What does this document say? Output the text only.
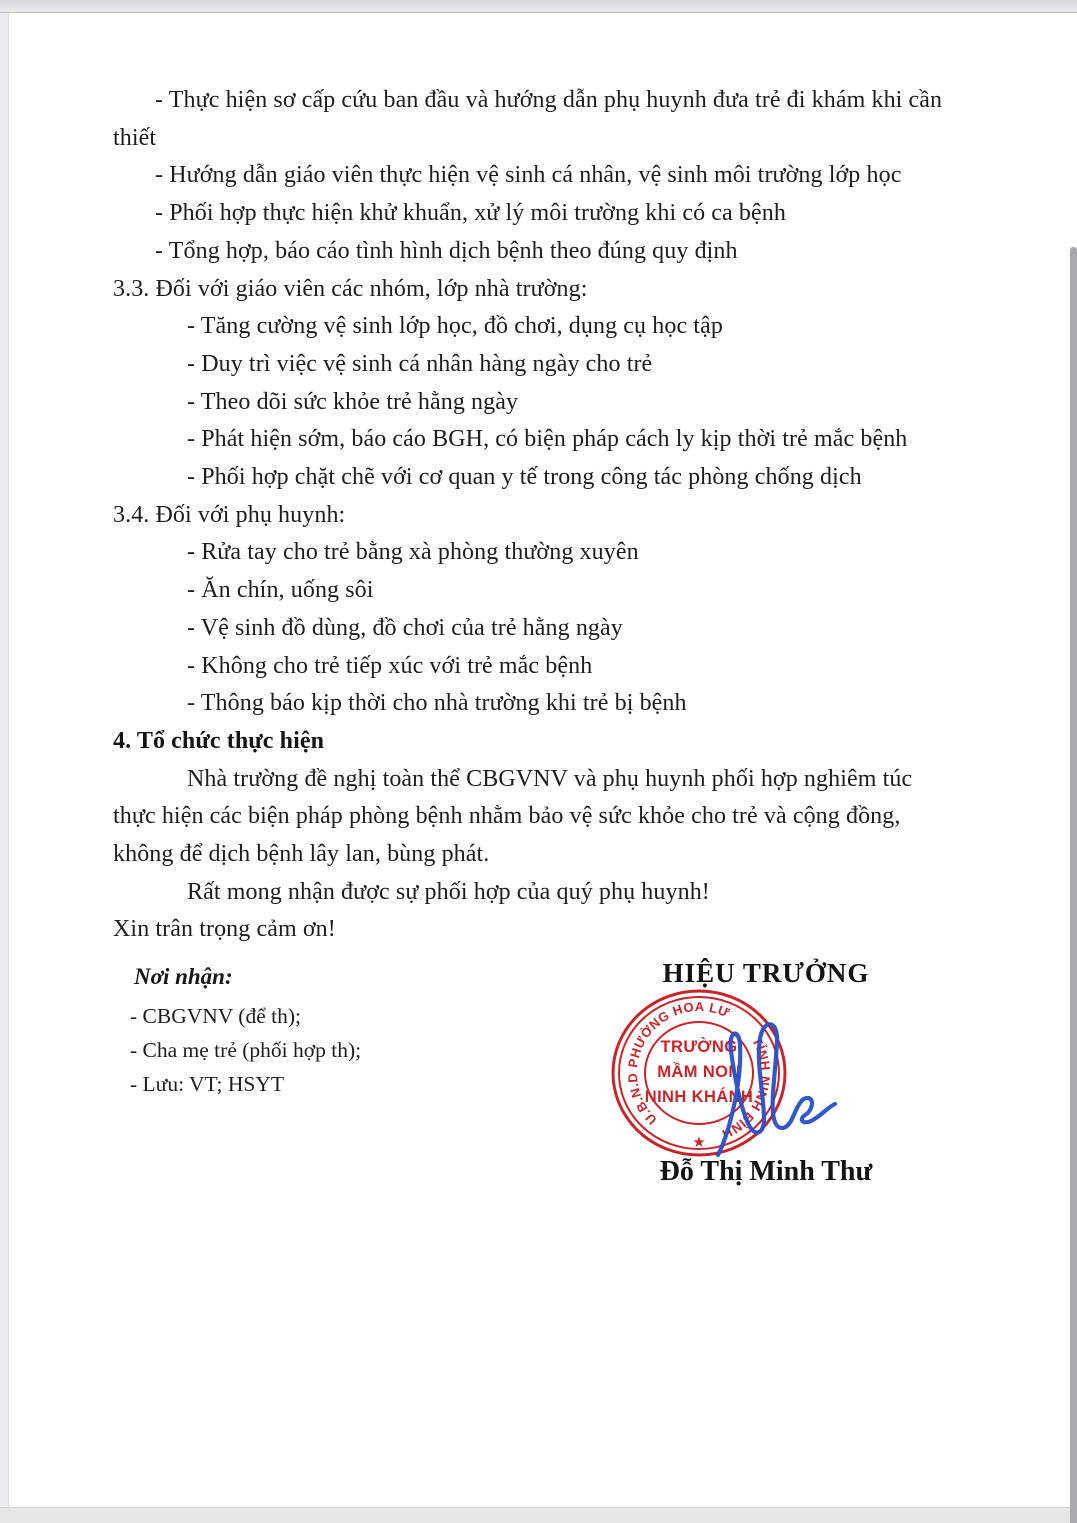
- Thực hiện sơ cấp cứu ban đầu và hướng dẫn phụ huynh đưa trẻ đi khám khi cần

thiết

- Hướng dẫn giáo viên thực hiện vệ sinh cá nhân, vệ sinh môi trường lớp học

- Phối hợp thực hiện khử khuẩn, xử lý môi trường khi có ca bệnh

- Tổng hợp, báo cáo tình hình dịch bệnh theo đúng quy định

3.3. Đối với giáo viên các nhóm, lớp nhà trường:

- Tăng cường vệ sinh lớp học, đồ chơi, dụng cụ học tập

- Duy trì việc vệ sinh cá nhân hàng ngày cho trẻ

- Theo dõi sức khỏe trẻ hằng ngày

- Phát hiện sớm, báo cáo BGH, có biện pháp cách ly kịp thời trẻ mắc bệnh

- Phối hợp chặt chẽ với cơ quan y tế trong công tác phòng chống dịch

3.4. Đối với phụ huynh:

- Rửa tay cho trẻ bằng xà phòng thường xuyên

- Ăn chín, uống sôi

- Vệ sinh đồ dùng, đồ chơi của trẻ hằng ngày

- Không cho trẻ tiếp xúc với trẻ mắc bệnh

- Thông báo kịp thời cho nhà trường khi trẻ bị bệnh

4. Tổ chức thực hiện

Nhà trường đề nghị toàn thể CBGVNV và phụ huynh phối hợp nghiêm túc

thực hiện các biện pháp phòng bệnh nhằm bảo vệ sức khỏe cho trẻ và cộng đồng,

không để dịch bệnh lây lan, bùng phát.

Rất mong nhận được sự phối hợp của quý phụ huynh!

Xin trân trọng cảm ơn!

Nơi nhận:

- CBGVNV (để th);

- Cha mẹ trẻ (phối hợp th);

- Lưu: VT; HSYT

HIỆU TRƯỞNG

U.B.N.D PHƯỜNG HOA LƯ
TỈNH NINH BÌNH
TRƯỜNG
MẦM NON
NINH KHÁNH
★

Đỗ Thị Minh Thư
